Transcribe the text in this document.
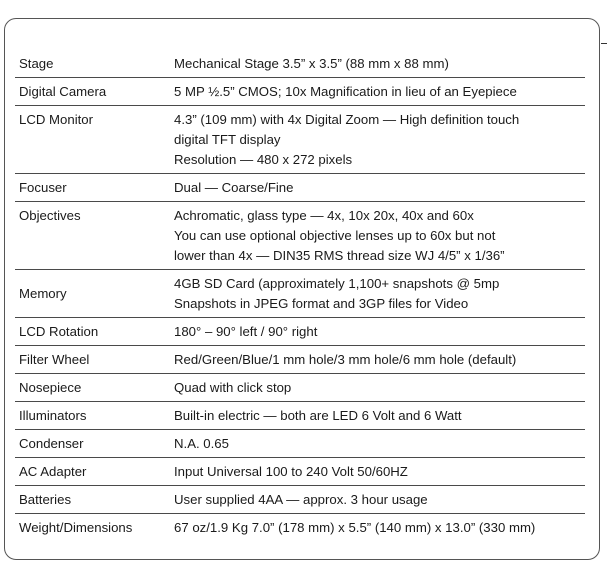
Stage	Mechanical Stage 3.5” x 3.5” (88 mm x 88 mm)

Digital Camera	5 MP ½.5” CMOS; 10x Magnification in lieu of an Eyepiece

LCD Monitor	4.3” (109 mm) with 4x Digital Zoom — High definition touch
digital TFT display
Resolution — 480 x 272 pixels

Focuser	Dual — Coarse/Fine

Objectives	Achromatic, glass type — 4x, 10x 20x, 40x and 60x
You can use optional objective lenses up to 60x but not
lower than 4x — DIN35 RMS thread size WJ 4/5” x 1/36”

Memory	4GB SD Card (approximately 1,100+ snapshots @ 5mp
Snapshots in JPEG format and 3GP files for Video

LCD Rotation	180° – 90° left / 90° right

Filter Wheel	Red/Green/Blue/1 mm hole/3 mm hole/6 mm hole (default)

Nosepiece	Quad with click stop

Illuminators	Built-in electric — both are LED 6 Volt and 6 Watt

Condenser	N.A. 0.65

AC Adapter	Input Universal 100 to 240 Volt 50/60HZ

Batteries	User supplied 4AA — approx. 3 hour usage

Weight/Dimensions	67 oz/1.9 Kg 7.0” (178 mm) x 5.5” (140 mm) x 13.0” (330 mm)
